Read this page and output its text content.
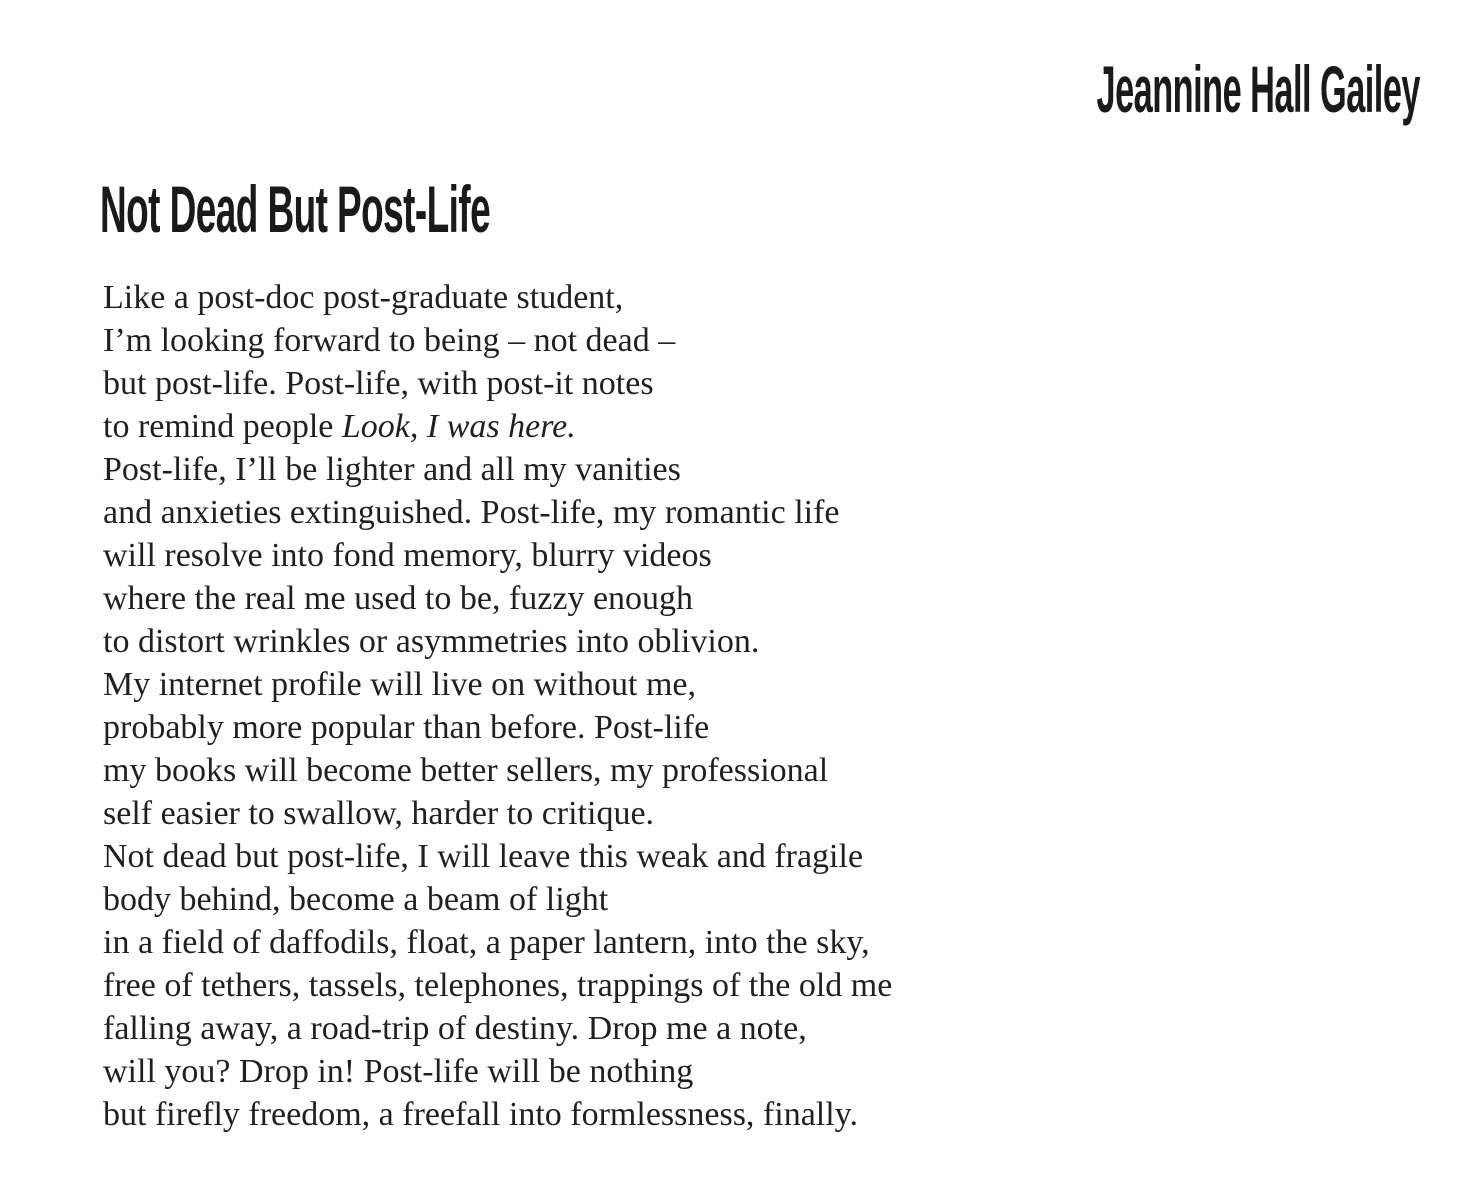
Jeannine Hall Gailey
Not Dead But Post-Life
Like a post-doc post-graduate student,
I’m looking forward to being – not dead –
but post-life. Post-life, with post-it notes
to remind people Look, I was here.
Post-life, I’ll be lighter and all my vanities
and anxieties extinguished. Post-life, my romantic life
will resolve into fond memory, blurry videos
where the real me used to be, fuzzy enough
to distort wrinkles or asymmetries into oblivion.
My internet profile will live on without me,
probably more popular than before. Post-life
my books will become better sellers, my professional
self easier to swallow, harder to critique.
Not dead but post-life, I will leave this weak and fragile
body behind, become a beam of light
in a field of daffodils, float, a paper lantern, into the sky,
free of tethers, tassels, telephones, trappings of the old me
falling away, a road-trip of destiny. Drop me a note,
will you? Drop in! Post-life will be nothing
but firefly freedom, a freefall into formlessness, finally.
